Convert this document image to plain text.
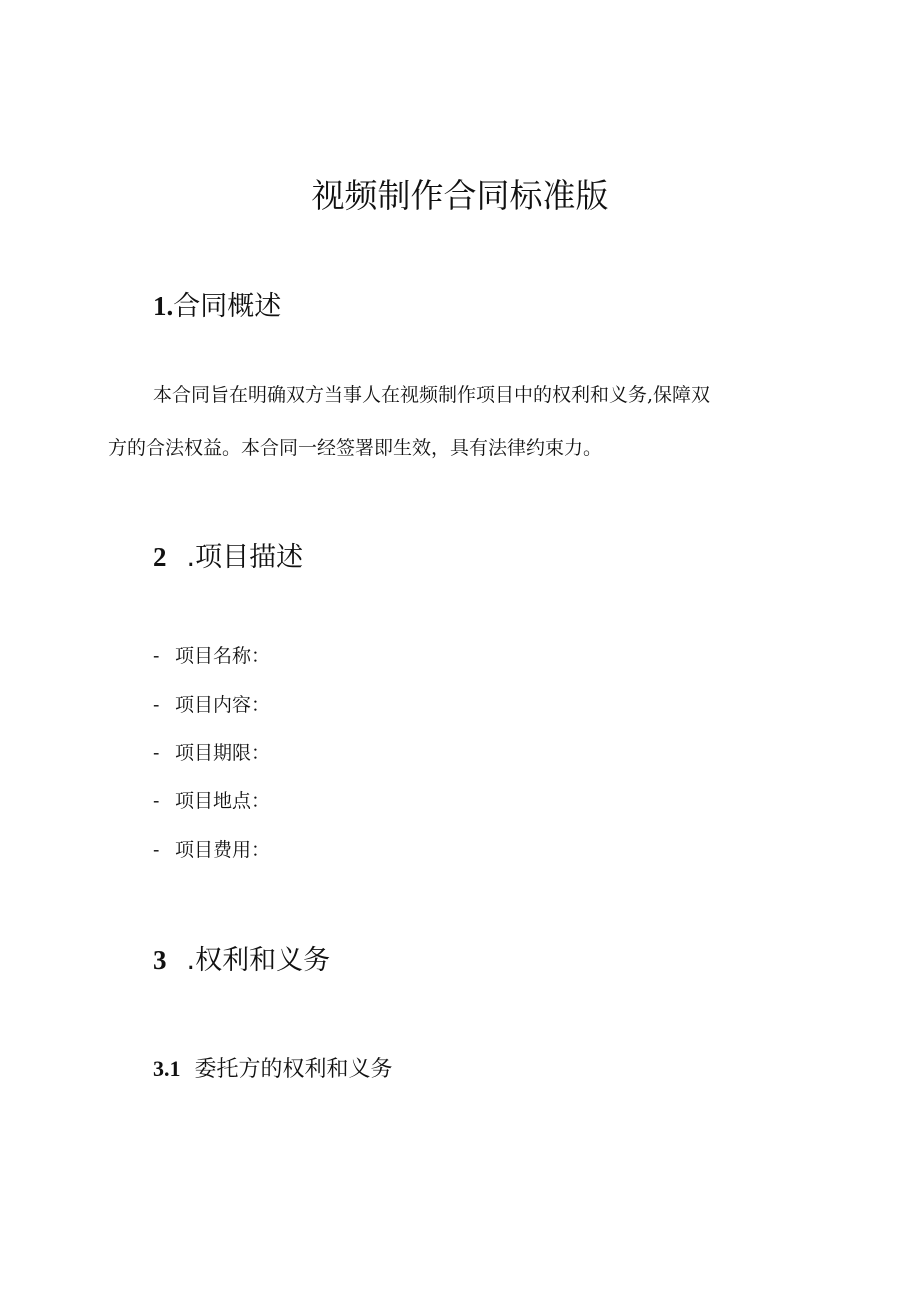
视频制作合同标准版
1.合同概述
本合同旨在明确双方当事人在视频制作项目中的权利和义务,保障双
方的合法权益。本合同一经签署即生效，具有法律约束力。
2 .项目描述
- 项目名称：
- 项目内容：
- 项目期限：
- 项目地点：
- 项目费用：
3 .权利和义务
3.1 委托方的权利和义务
